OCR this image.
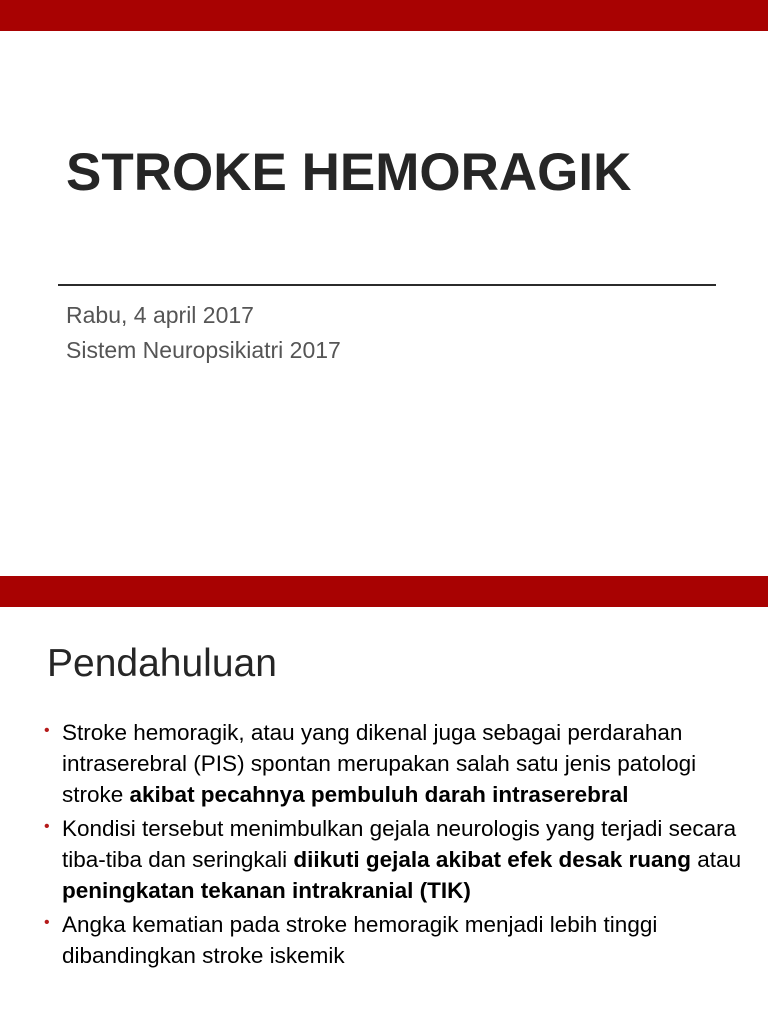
STROKE HEMORAGIK
Rabu, 4 april 2017
Sistem Neuropsikiatri 2017
Pendahuluan
• Stroke hemoragik, atau yang dikenal juga sebagai perdarahan intraserebral (PIS) spontan merupakan salah satu jenis patologi stroke akibat pecahnya pembuluh darah intraserebral
• Kondisi tersebut menimbulkan gejala neurologis yang terjadi secara tiba-tiba dan seringkali diikuti gejala akibat efek desak ruang atau peningkatan tekanan intrakranial (TIK)
• Angka kematian pada stroke hemoragik menjadi lebih tinggi dibandingkan stroke iskemik
